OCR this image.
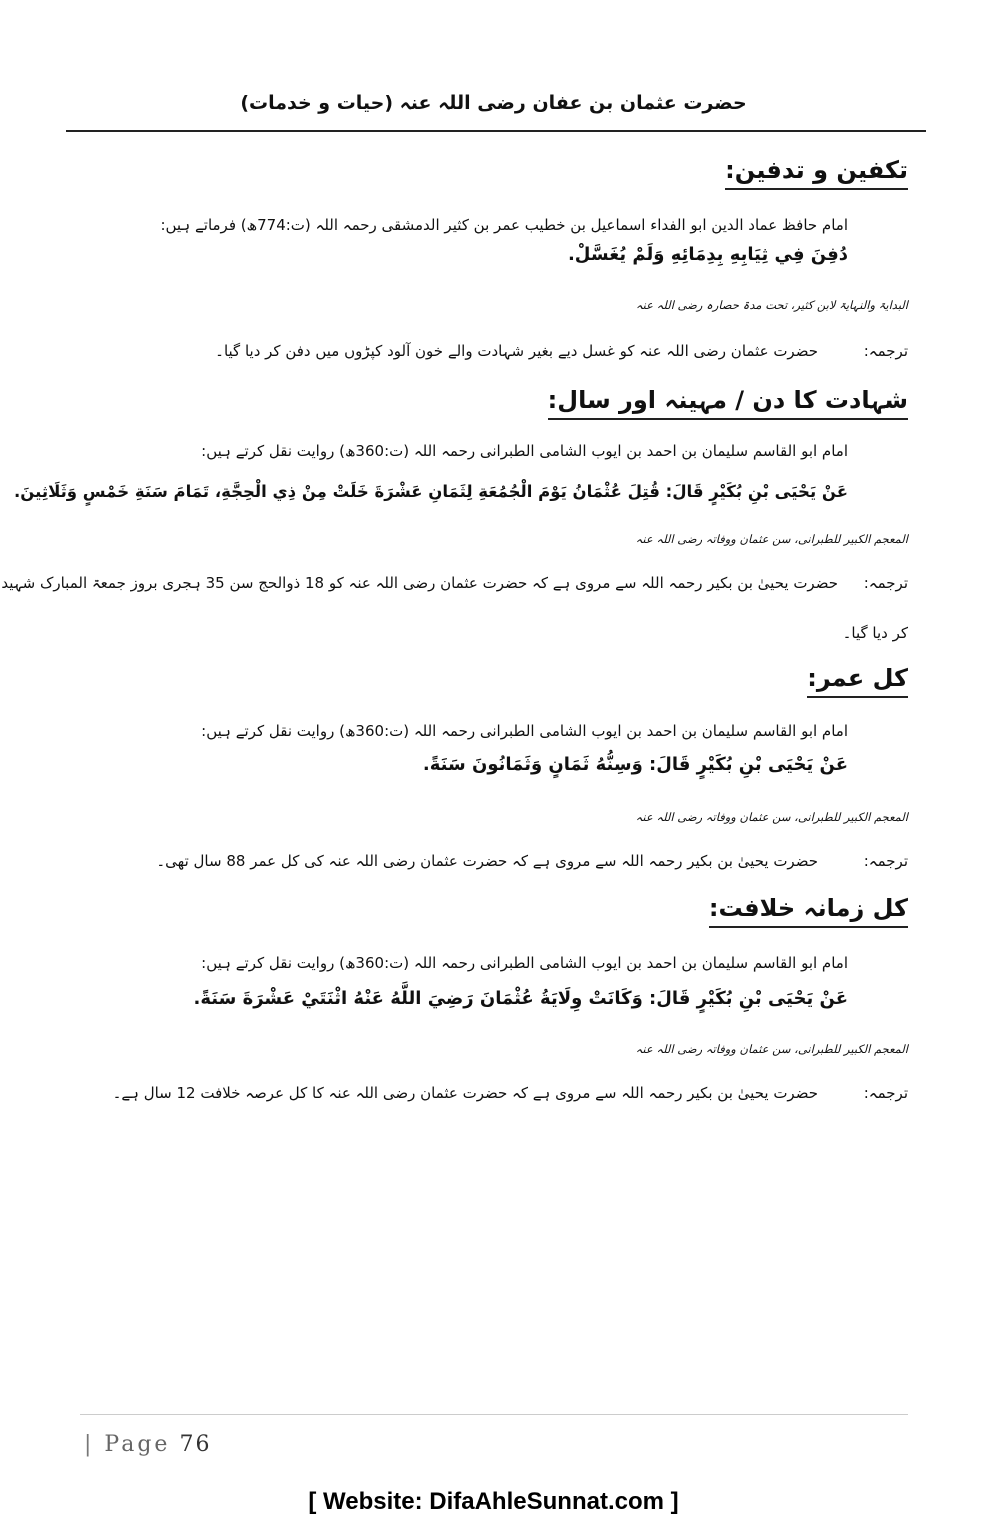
حضرت عثمان بن عفان رضی اللہ عنہ (حیات و خدمات)
تکفین و تدفین:
امام حافظ عماد الدین ابو الفداء اسماعیل بن خطیب عمر بن کثیر الدمشقی رحمہ اللہ (ت:774ھ) فرماتے ہیں:
دُفِنَ فِي ثِيَابِهِ بِدِمَائِهِ وَلَمْ يُغَسَّلْ.
البدایۃ والنہایۃ لابن کثیر، تحت مدۃ حصارہ رضی اللہ عنہ
ترجمہ:
حضرت عثمان رضی اللہ عنہ کو غسل دیے بغیر شہادت والے خون آلود کپڑوں میں دفن کر دیا گیا۔
شہادت کا دن / مہینہ اور سال:
امام ابو القاسم سلیمان بن احمد بن ایوب الشامی الطبرانی رحمہ اللہ (ت:360ھ) روایت نقل کرتے ہیں:
عَنْ يَحْيَى بْنِ بُكَيْرٍ قَالَ: قُتِلَ عُثْمَانُ يَوْمَ الْجُمُعَةِ لِثَمَانِ عَشْرَةَ خَلَتْ مِنْ ذِي الْحِجَّةِ، تَمَامَ سَنَةِ خَمْسٍ وَثَلَاثِينَ.
المعجم الکبیر للطبرانی، سن عثمان ووفاتہ رضی اللہ عنہ
ترجمہ:
حضرت یحییٰ بن بکیر رحمہ اللہ سے مروی ہے کہ حضرت عثمان رضی اللہ عنہ کو 18 ذوالحج سن 35 ہجری بروز جمعۃ المبارک شہید
کر دیا گیا۔
کل عمر:
امام ابو القاسم سلیمان بن احمد بن ایوب الشامی الطبرانی رحمہ اللہ (ت:360ھ) روایت نقل کرتے ہیں:
عَنْ يَحْيَى بْنِ بُكَيْرٍ قَالَ: وَسِنُّهُ ثَمَانٍ وَثَمَانُونَ سَنَةً.
المعجم الکبیر للطبرانی، سن عثمان ووفاتہ رضی اللہ عنہ
ترجمہ:
حضرت یحییٰ بن بکیر رحمہ اللہ سے مروی ہے کہ حضرت عثمان رضی اللہ عنہ کی کل عمر 88 سال تھی۔
کل زمانہ خلافت:
امام ابو القاسم سلیمان بن احمد بن ایوب الشامی الطبرانی رحمہ اللہ (ت:360ھ) روایت نقل کرتے ہیں:
عَنْ يَحْيَى بْنِ بُكَيْرٍ قَالَ: وَكَانَتْ وِلَايَةُ عُثْمَانَ رَضِيَ اللَّهُ عَنْهُ اثْنَتَيْ عَشْرَةَ سَنَةً.
المعجم الکبیر للطبرانی، سن عثمان ووفاتہ رضی اللہ عنہ
ترجمہ:
حضرت یحییٰ بن بکیر رحمہ اللہ سے مروی ہے کہ حضرت عثمان رضی اللہ عنہ کا کل عرصہ خلافت 12 سال ہے۔
| Page 76
[ Website: DifaAhleSunnat.com ]
